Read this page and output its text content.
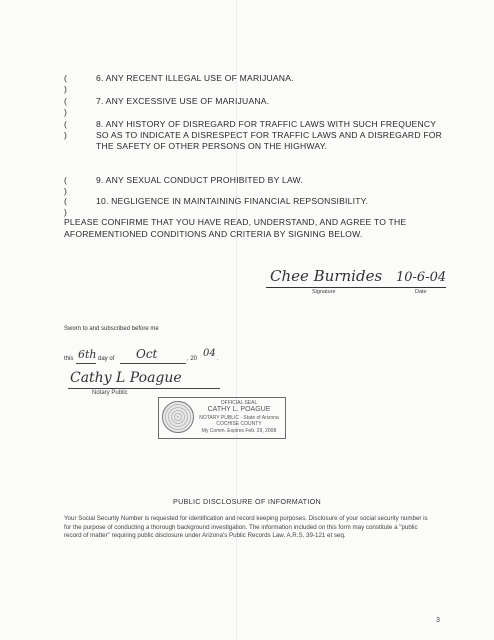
( )
6. ANY RECENT ILLEGAL USE OF MARIJUANA.
( )
7. ANY EXCESSIVE USE OF MARIJUANA.
( )
8. ANY HISTORY OF DISREGARD FOR TRAFFIC LAWS WITH SUCH FREQUENCY SO AS TO INDICATE A DISRESPECT FOR TRAFFIC LAWS AND A DISREGARD FOR THE SAFETY OF OTHER PERSONS ON THE HIGHWAY.
( )
9. ANY SEXUAL CONDUCT PROHIBITED BY LAW.
( )
10. NEGLIGENCE IN MAINTAINING FINANCIAL REPSONSIBILITY.
PLEASE CONFIRME THAT YOU HAVE READ, UNDERSTAND, AND AGREE TO THE AFOREMENTIONED CONDITIONS AND CRITERIA BY SIGNING BELOW.
Chee Burnides 10-6-04
Signature	Date
Sworn to and subscribed before me
this 6th day of Oct	, 20 04 .
Cathy L Poague
Notary Public
OFFICIAL SEAL
CATHY L. POAGUE
NOTARY PUBLIC - State of Arizona
COCHISE COUNTY
My Comm. Expires Feb. 29, 2008
PUBLIC DISCLOSURE OF INFORMATION
Your Social Security Number is requested for identification and record keeping purposes. Disclosure of your social security number is for the purpose of conducting a thorough background investigation. The information included on this form may constitute a "public record of matter" requiring public disclosure under Arizona's Public Records Law, A.R.S. 39-121 et seq.
3
